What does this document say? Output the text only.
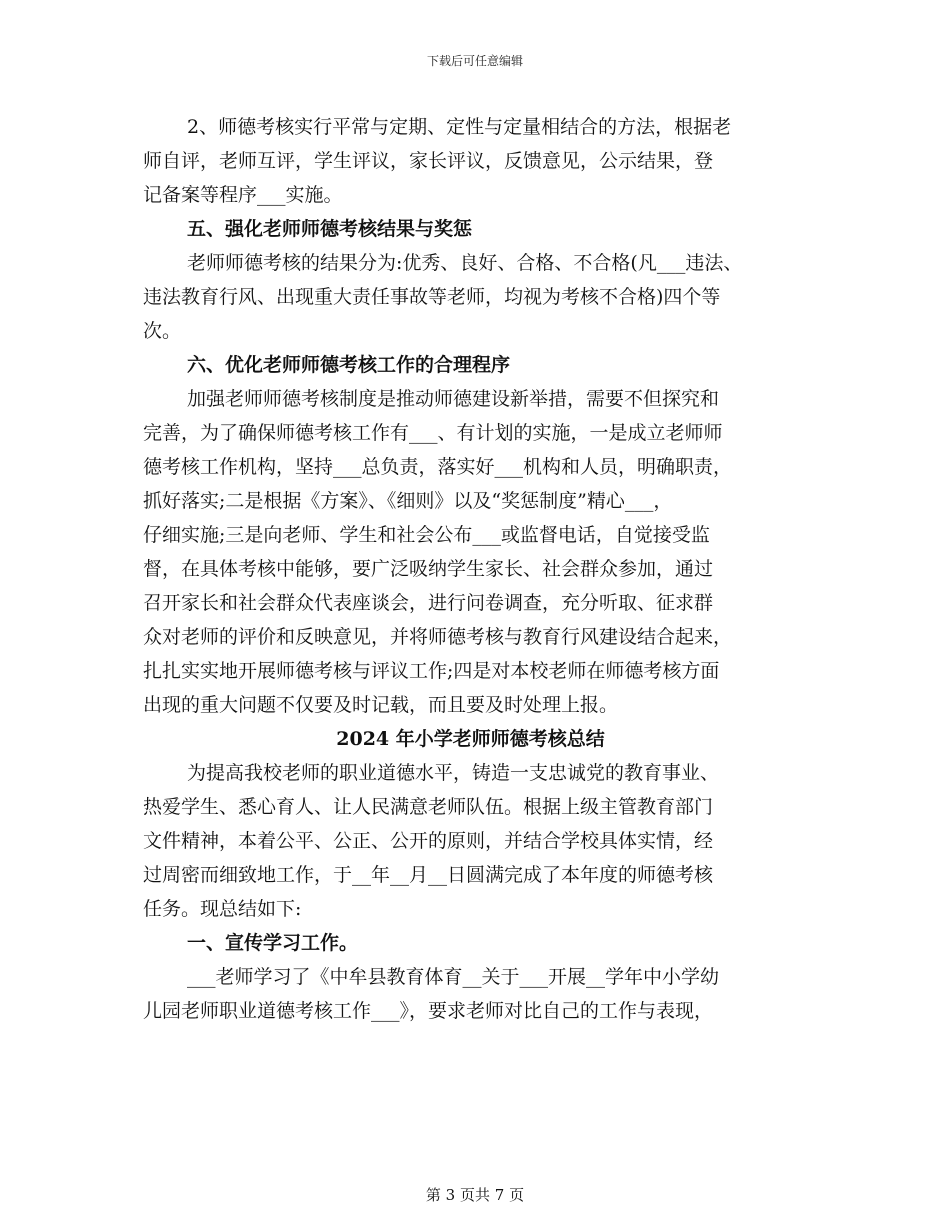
下载后可任意编辑
2、师德考核实行平常与定期、定性与定量相结合的方法，根据老
师自评，老师互评，学生评议，家长评议，反馈意见，公示结果，登
记备案等程序___实施。
五、强化老师师德考核结果与奖惩
老师师德考核的结果分为:优秀、良好、合格、不合格(凡___违法、
违法教育行风、出现重大责任事故等老师，均视为考核不合格)四个等
次。
六、优化老师师德考核工作的合理程序
加强老师师德考核制度是推动师德建设新举措，需要不但探究和
完善，为了确保师德考核工作有___、有计划的实施，一是成立老师师
德考核工作机构，坚持___总负责，落实好___机构和人员，明确职责，
抓好落实;二是根据《方案》、《细则》以及“奖惩制度”精心___，
仔细实施;三是向老师、学生和社会公布___或监督电话，自觉接受监
督，在具体考核中能够，要广泛吸纳学生家长、社会群众参加，通过
召开家长和社会群众代表座谈会，进行问卷调查，充分听取、征求群
众对老师的评价和反映意见，并将师德考核与教育行风建设结合起来，
扎扎实实地开展师德考核与评议工作;四是对本校老师在师德考核方面
出现的重大问题不仅要及时记载，而且要及时处理上报。
2024 年小学老师师德考核总结
为提高我校老师的职业道德水平，铸造一支忠诚党的教育事业、
热爱学生、悉心育人、让人民满意老师队伍。根据上级主管教育部门
文件精神，本着公平、公正、公开的原则，并结合学校具体实情，经
过周密而细致地工作，于__年__月__日圆满完成了本年度的师德考核
任务。现总结如下:
一、宣传学习工作。
___老师学习了《中牟县教育体育__关于___开展__学年中小学幼
儿园老师职业道德考核工作___》，要求老师对比自己的工作与表现，
第 3 页共 7 页
